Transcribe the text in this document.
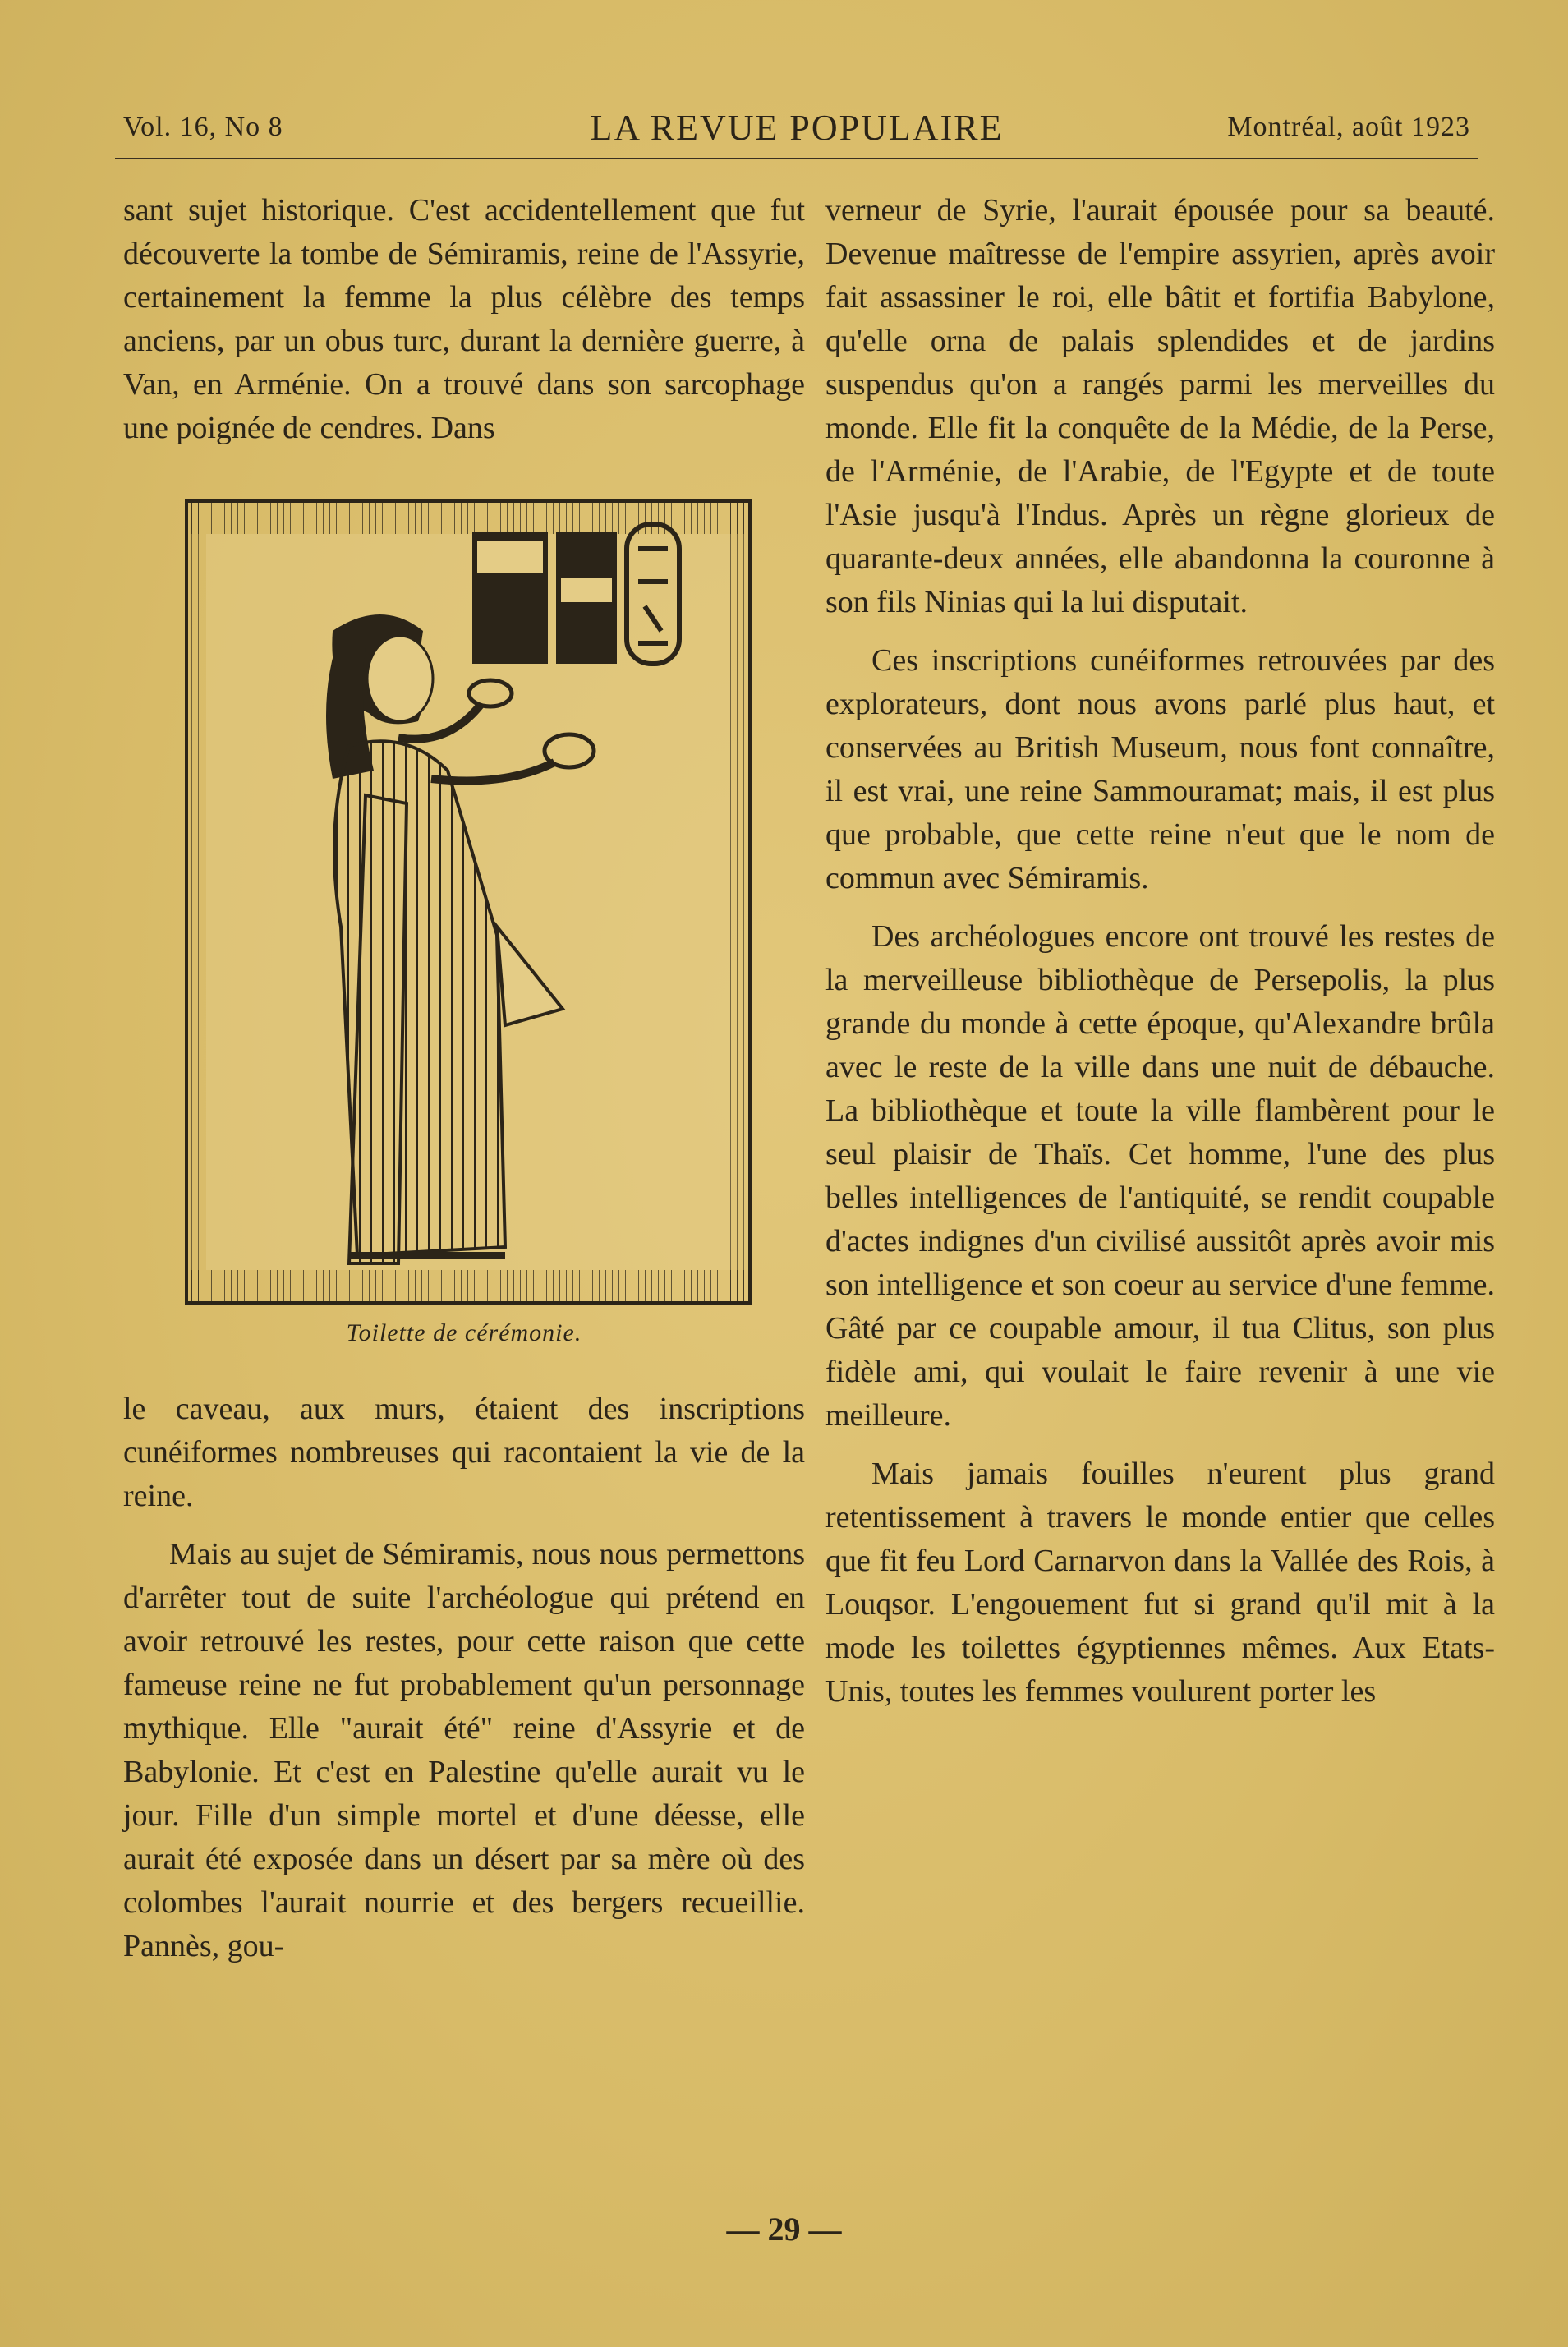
Vol. 16, No 8	LA REVUE POPULAIRE	Montréal, août 1923

sant sujet historique. C'est accidentellement que fut découverte la tombe de Sémiramis, reine de l'Assyrie, certainement la femme la plus célèbre des temps anciens, par un obus turc, durant la dernière guerre, à Van, en Arménie. On a trouvé dans son sarcophage une poignée de cendres. Dans

Toilette de cérémonie.

le caveau, aux murs, étaient des inscriptions cunéiformes nombreuses qui racontaient la vie de la reine.

Mais au sujet de Sémiramis, nous nous permettons d'arrêter tout de suite l'archéologue qui prétend en avoir retrouvé les restes, pour cette raison que cette fameuse reine ne fut probablement qu'un personnage mythique. Elle "aurait été" reine d'Assyrie et de Babylonie. Et c'est en Palestine qu'elle aurait vu le jour. Fille d'un simple mortel et d'une déesse, elle aurait été exposée dans un désert par sa mère où des colombes l'aurait nourrie et des bergers recueillie. Pannès, gou-

verneur de Syrie, l'aurait épousée pour sa beauté. Devenue maîtresse de l'empire assyrien, après avoir fait assassiner le roi, elle bâtit et fortifia Babylone, qu'elle orna de palais splendides et de jardins suspendus qu'on a rangés parmi les merveilles du monde. Elle fit la conquête de la Médie, de la Perse, de l'Arménie, de l'Arabie, de l'Egypte et de toute l'Asie jusqu'à l'Indus. Après un règne glorieux de quarante-deux années, elle abandonna la couronne à son fils Ninias qui la lui disputait.

Ces inscriptions cunéiformes retrouvées par des explorateurs, dont nous avons parlé plus haut, et conservées au British Museum, nous font connaître, il est vrai, une reine Sammouramat; mais, il est plus que probable, que cette reine n'eut que le nom de commun avec Sémiramis.

Des archéologues encore ont trouvé les restes de la merveilleuse bibliothèque de Persepolis, la plus grande du monde à cette époque, qu'Alexandre brûla avec le reste de la ville dans une nuit de débauche. La bibliothèque et toute la ville flambèrent pour le seul plaisir de Thaïs. Cet homme, l'une des plus belles intelligences de l'antiquité, se rendit coupable d'actes indignes d'un civilisé aussitôt après avoir mis son intelligence et son coeur au service d'une femme. Gâté par ce coupable amour, il tua Clitus, son plus fidèle ami, qui voulait le faire revenir à une vie meilleure.

Mais jamais fouilles n'eurent plus grand retentissement à travers le monde entier que celles que fit feu Lord Carnarvon dans la Vallée des Rois, à Louqsor. L'engouement fut si grand qu'il mit à la mode les toilettes égyptiennes mêmes. Aux Etats-Unis, toutes les femmes voulurent porter les

— 29 —
